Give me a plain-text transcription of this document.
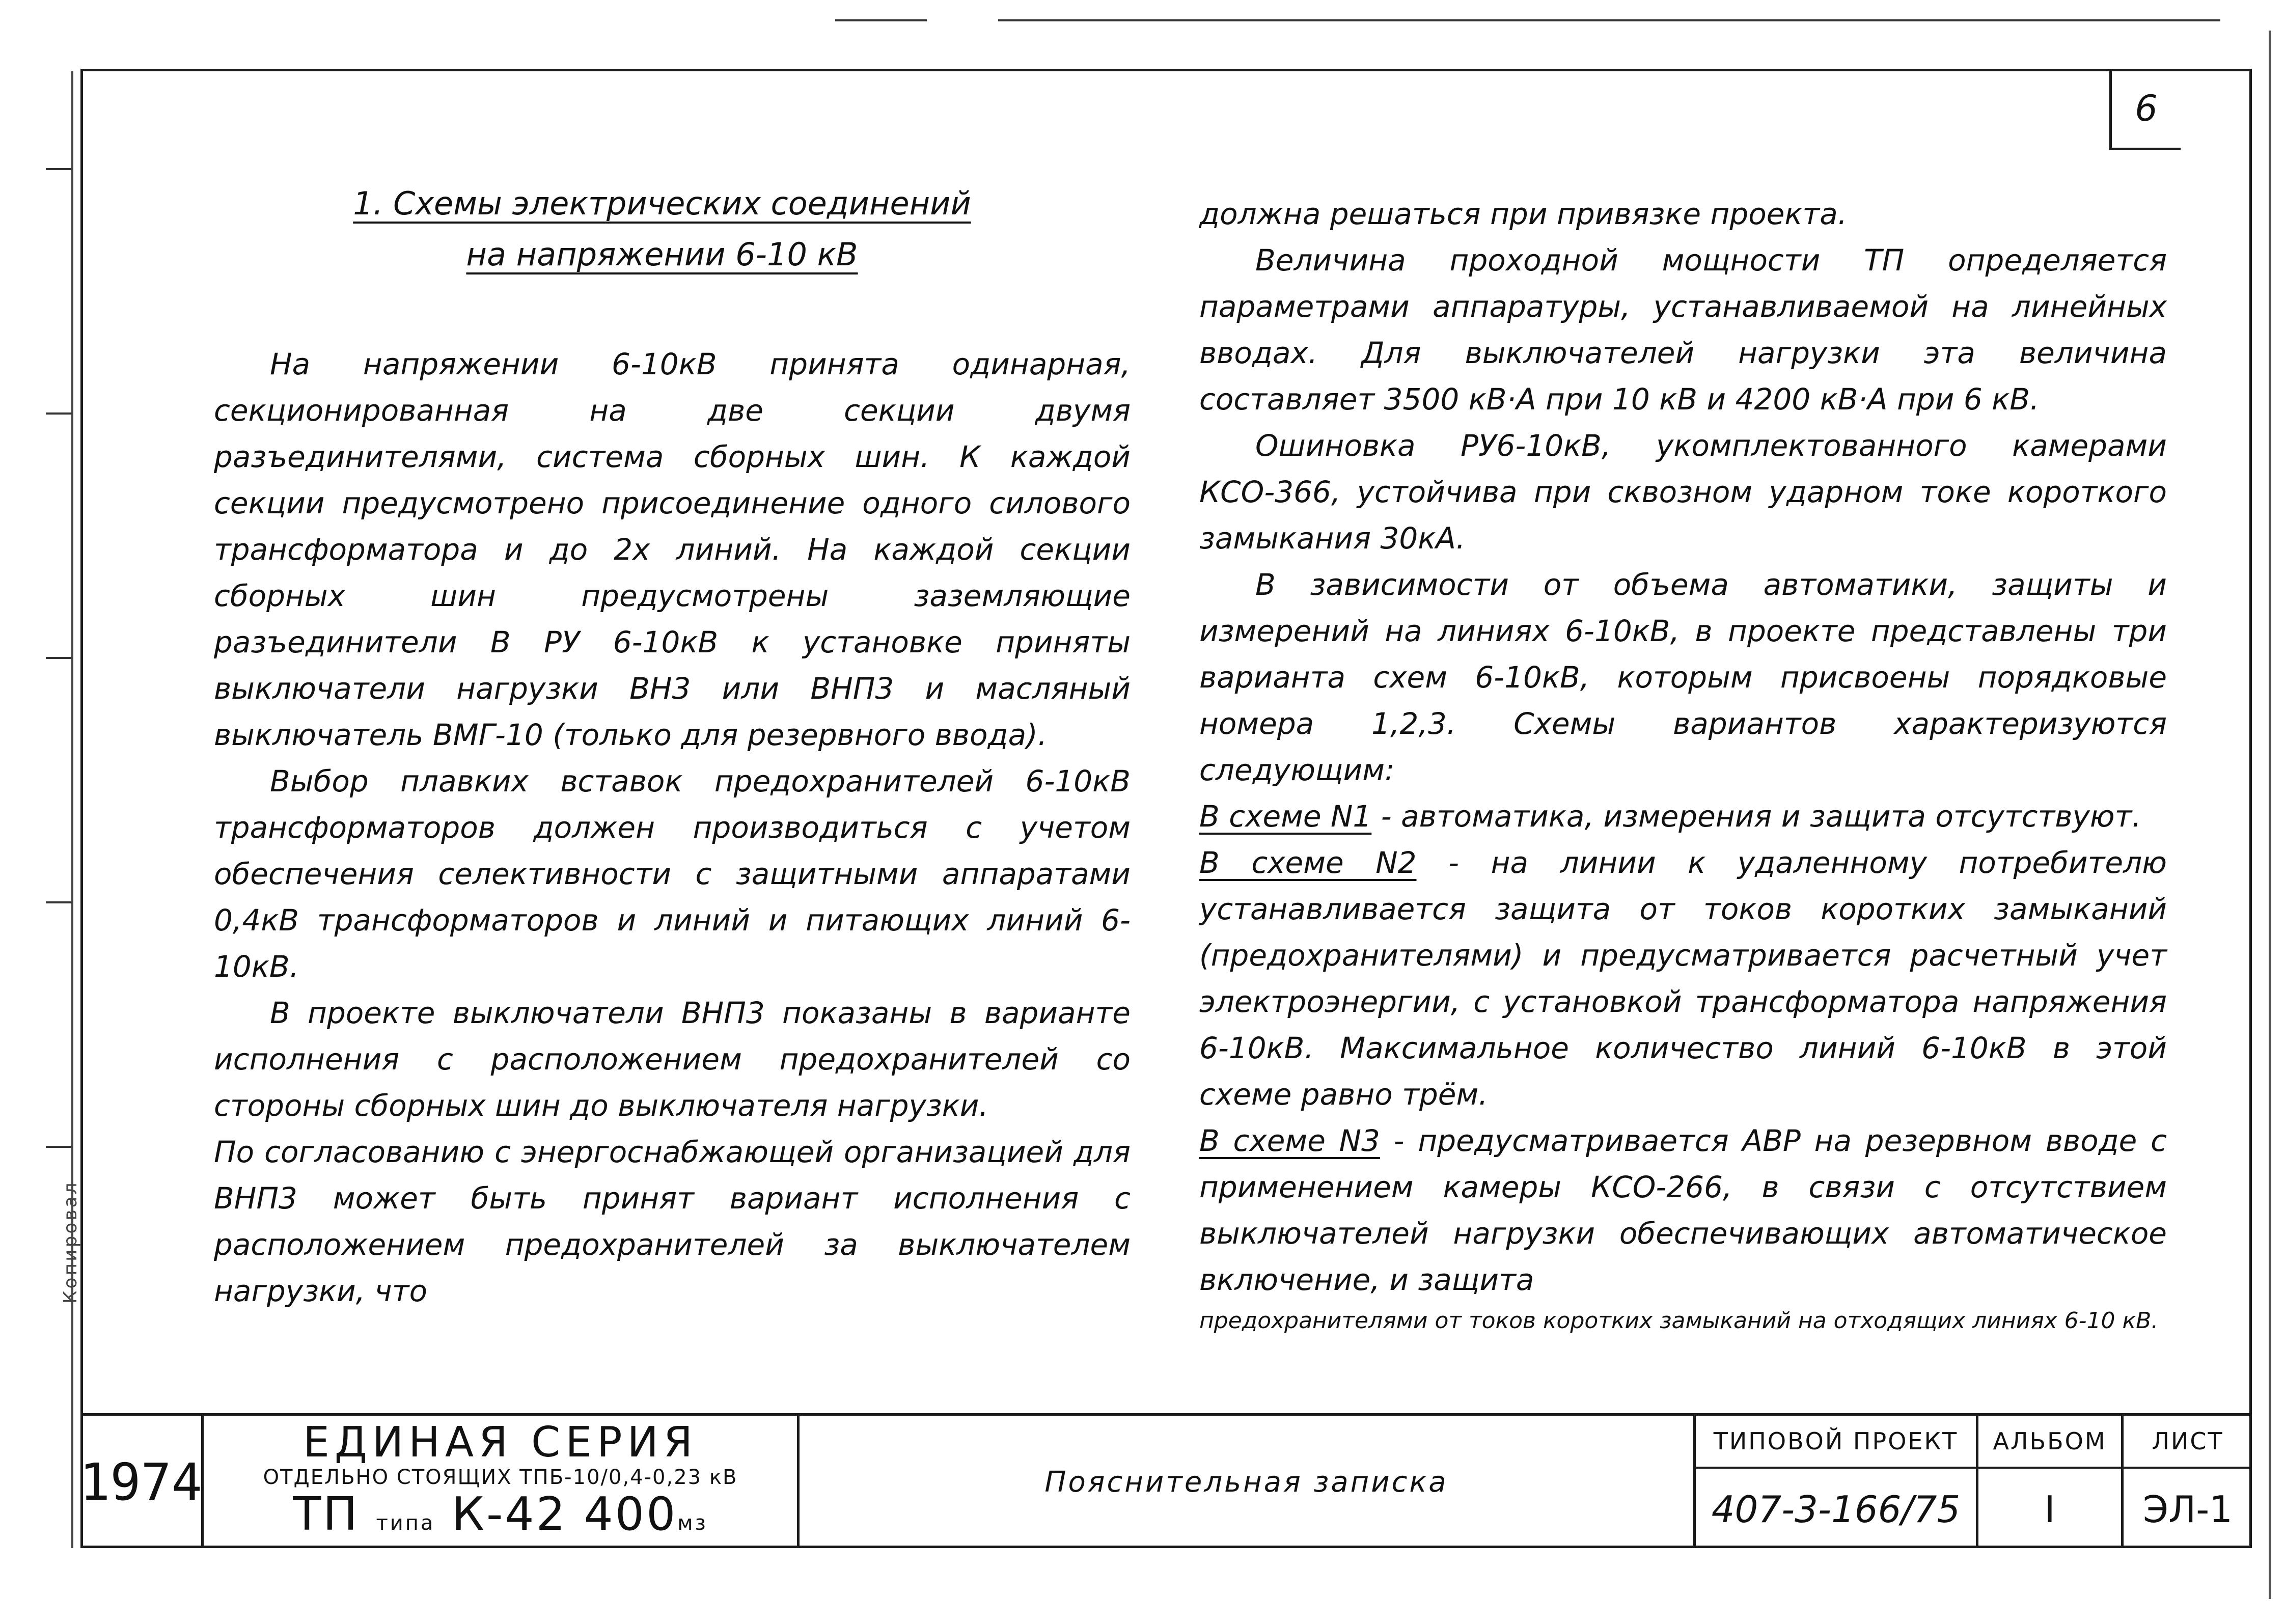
Копировал
6
1. Схемы электрических соединений
на напряжении 6-10 кВ

На напряжении 6-10кВ принята одинарная, секционированная на две секции двумя разъединителями, система сборных шин. К каждой секции предусмотрено присоединение одного силового трансформатора и до 2х линий. На каждой секции сборных шин предусмотрены заземляющие разъединители В РУ 6-10кВ к установке приняты выключатели нагрузки ВН3 или ВНП3 и масляный выключатель ВМГ-10 (только для резервного ввода).

Выбор плавких вставок предохранителей 6-10кВ трансформаторов должен производиться с учетом обеспечения селективности с защитными аппаратами 0,4кВ трансформаторов и линий и питающих линий 6-10кВ.

В проекте выключатели ВНП3 показаны в варианте исполнения с расположением предохранителей со стороны сборных шин до выключателя нагрузки.

По согласованию с энергоснабжающей организацией для ВНП3 может быть принят вариант исполнения с расположением предохранителей за выключателем нагрузки, что

должна решаться при привязке проекта.

Величина проходной мощности ТП определяется параметрами аппаратуры, устанавливаемой на линейных вводах. Для выключателей нагрузки эта величина составляет 3500 кВ·А при 10 кВ и 4200 кВ·А при 6 кВ.

Ошиновка РУ6-10кВ, укомплектованного камерами КСО-366, устойчива при сквозном ударном токе короткого замыкания 30кА.

В зависимости от объема автоматики, защиты и измерений на линиях 6-10кВ, в проекте представлены три варианта схем 6-10кВ, которым присвоены порядковые номера 1,2,3. Схемы вариантов характеризуются следующим:

В схеме N1 - автоматика, измерения и защита отсутствуют.

В схеме N2 - на линии к удаленному потребителю устанавливается защита от токов коротких замыканий (предохранителями) и предусматривается расчетный учет электроэнергии, с установкой трансформатора напряжения 6-10кВ. Максимальное количество линий 6-10кВ в этой схеме равно трём.

В схеме N3 - предусматривается АВР на резервном вводе с применением камеры КСО-266, в связи с отсутствием выключателей нагрузки обеспечивающих автоматическое включение, и защита

предохранителями от токов коротких замыканий на отходящих линиях 6-10 кВ.

1974
ЕДИНАЯ СЕРИЯ
ОТДЕЛЬНО СТОЯЩИХ ТПБ-10/0,4-0,23 кВ
ТП типа К-42 400мз
Пояснительная записка
ТИПОВОЙ ПРОЕКТ
407-3-166/75
АЛЬБОМ
I
ЛИСТ
ЭЛ-1
